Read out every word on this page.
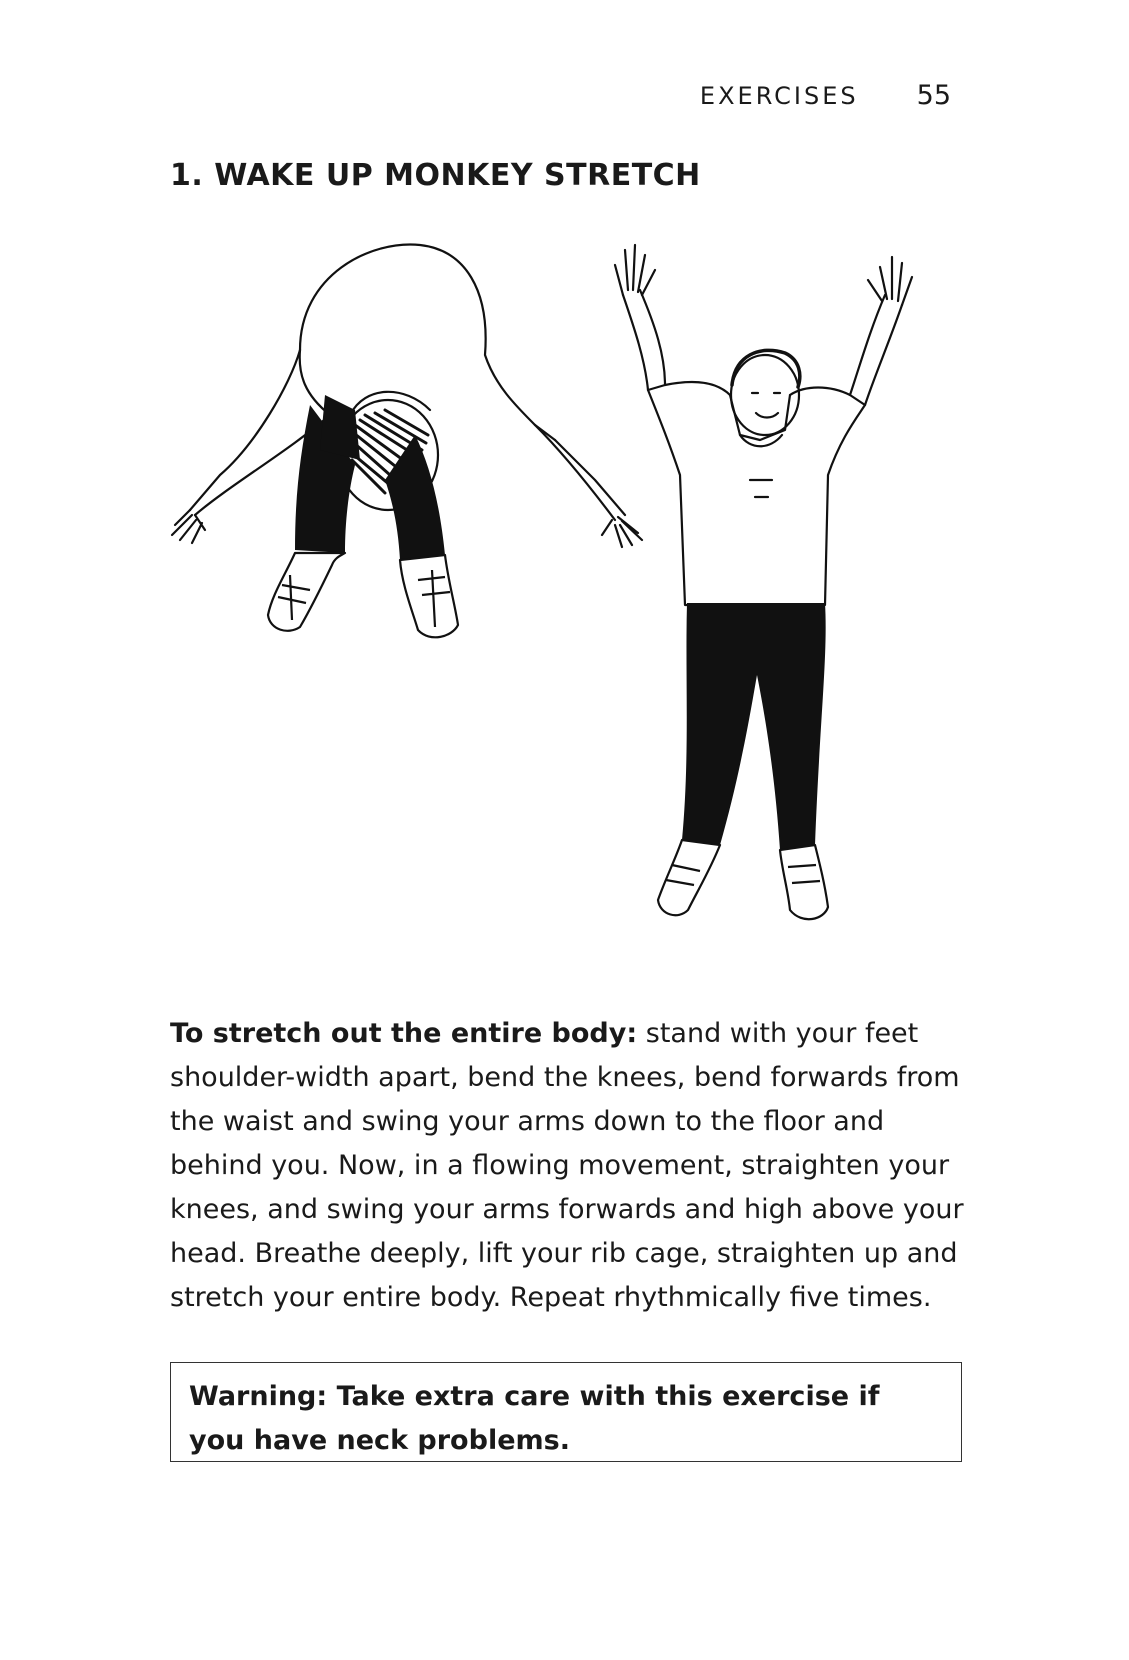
EXERCISES 55
1. WAKE UP MONKEY STRETCH

To stretch out the entire body: stand with your feet shoulder-width apart, bend the knees, bend forwards from the waist and swing your arms down to the floor and behind you. Now, in a flowing movement, straighten your knees, and swing your arms forwards and high above your head. Breathe deeply, lift your rib cage, straighten up and stretch your entire body. Repeat rhythmically five times.

Warning: Take extra care with this exercise if you have neck problems.
